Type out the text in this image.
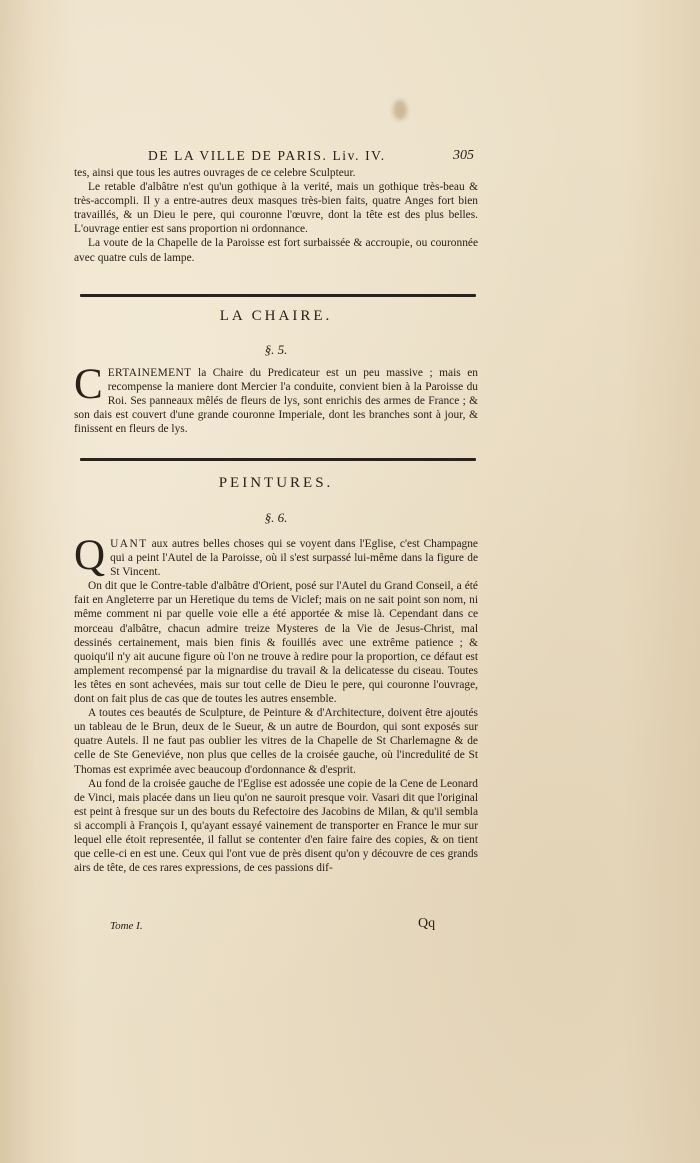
DE LA VILLE DE PARIS. Liv. IV.	305

tes, ainsi que tous les autres ouvrages de ce celebre Sculpteur.

Le retable d'albâtre n'est qu'un gothique à la verité, mais un gothique très-beau & très-accompli. Il y a entre-autres deux masques très-bien faits, quatre Anges fort bien travaillés, & un Dieu le pere, qui couronne l'œuvre, dont la tête est des plus belles. L'ouvrage entier est sans proportion ni ordonnance.

La voute de la Chapelle de la Paroisse est fort surbaissée & accroupie, ou couronnée avec quatre culs de lampe.

LA CHAIRE.
§. 5.

CERTAINEMENT la Chaire du Predicateur est un peu massive ; mais en recompense la maniere dont Mercier l'a conduite, convient bien à la Paroisse du Roi. Ses panneaux mêlés de fleurs de lys, sont enrichis des armes de France ; & son dais est couvert d'une grande couronne Imperiale, dont les branches sont à jour, & finissent en fleurs de lys.

PEINTURES.
§. 6.

QUANT aux autres belles choses qui se voyent dans l'Eglise, c'est Champagne qui a peint l'Autel de la Paroisse, où il s'est surpassé lui-même dans la figure de St Vincent.

On dit que le Contre-table d'albâtre d'Orient, posé sur l'Autel du Grand Conseil, a été fait en Angleterre par un Heretique du tems de Viclef; mais on ne sait point son nom, ni même comment ni par quelle voie elle a été apportée & mise là. Cependant dans ce morceau d'albâtre, chacun admire treize Mysteres de la Vie de Jesus-Christ, mal dessinés certainement, mais bien finis & fouillés avec une extrême patience ; & quoiqu'il n'y ait aucune figure où l'on ne trouve à redire pour la proportion, ce défaut est amplement recompensé par la mignardise du travail & la delicatesse du ciseau. Toutes les têtes en sont achevées, mais sur tout celle de Dieu le pere, qui couronne l'ouvrage, dont on fait plus de cas que de toutes les autres ensemble.

A toutes ces beautés de Sculpture, de Peinture & d'Architecture, doivent être ajoutés un tableau de le Brun, deux de le Sueur, & un autre de Bourdon, qui sont exposés sur quatre Autels. Il ne faut pas oublier les vitres de la Chapelle de St Charlemagne & de celle de Ste Geneviéve, non plus que celles de la croisée gauche, où l'incredulité de St Thomas est exprimée avec beaucoup d'ordonnance & d'esprit.

Au fond de la croisée gauche de l'Eglise est adossée une copie de la Cene de Leonard de Vinci, mais placée dans un lieu qu'on ne sauroit presque voir. Vasari dit que l'original est peint à fresque sur un des bouts du Refectoire des Jacobins de Milan, & qu'il sembla si accompli à François I, qu'ayant essayé vainement de transporter en France le mur sur lequel elle étoit representée, il fallut se contenter d'en faire faire des copies, & on tient que celle-ci en est une. Ceux qui l'ont vue de près disent qu'on y découvre de ces grands airs de tête, de ces rares expressions, de ces passions dif-

Tome I.	Qq
